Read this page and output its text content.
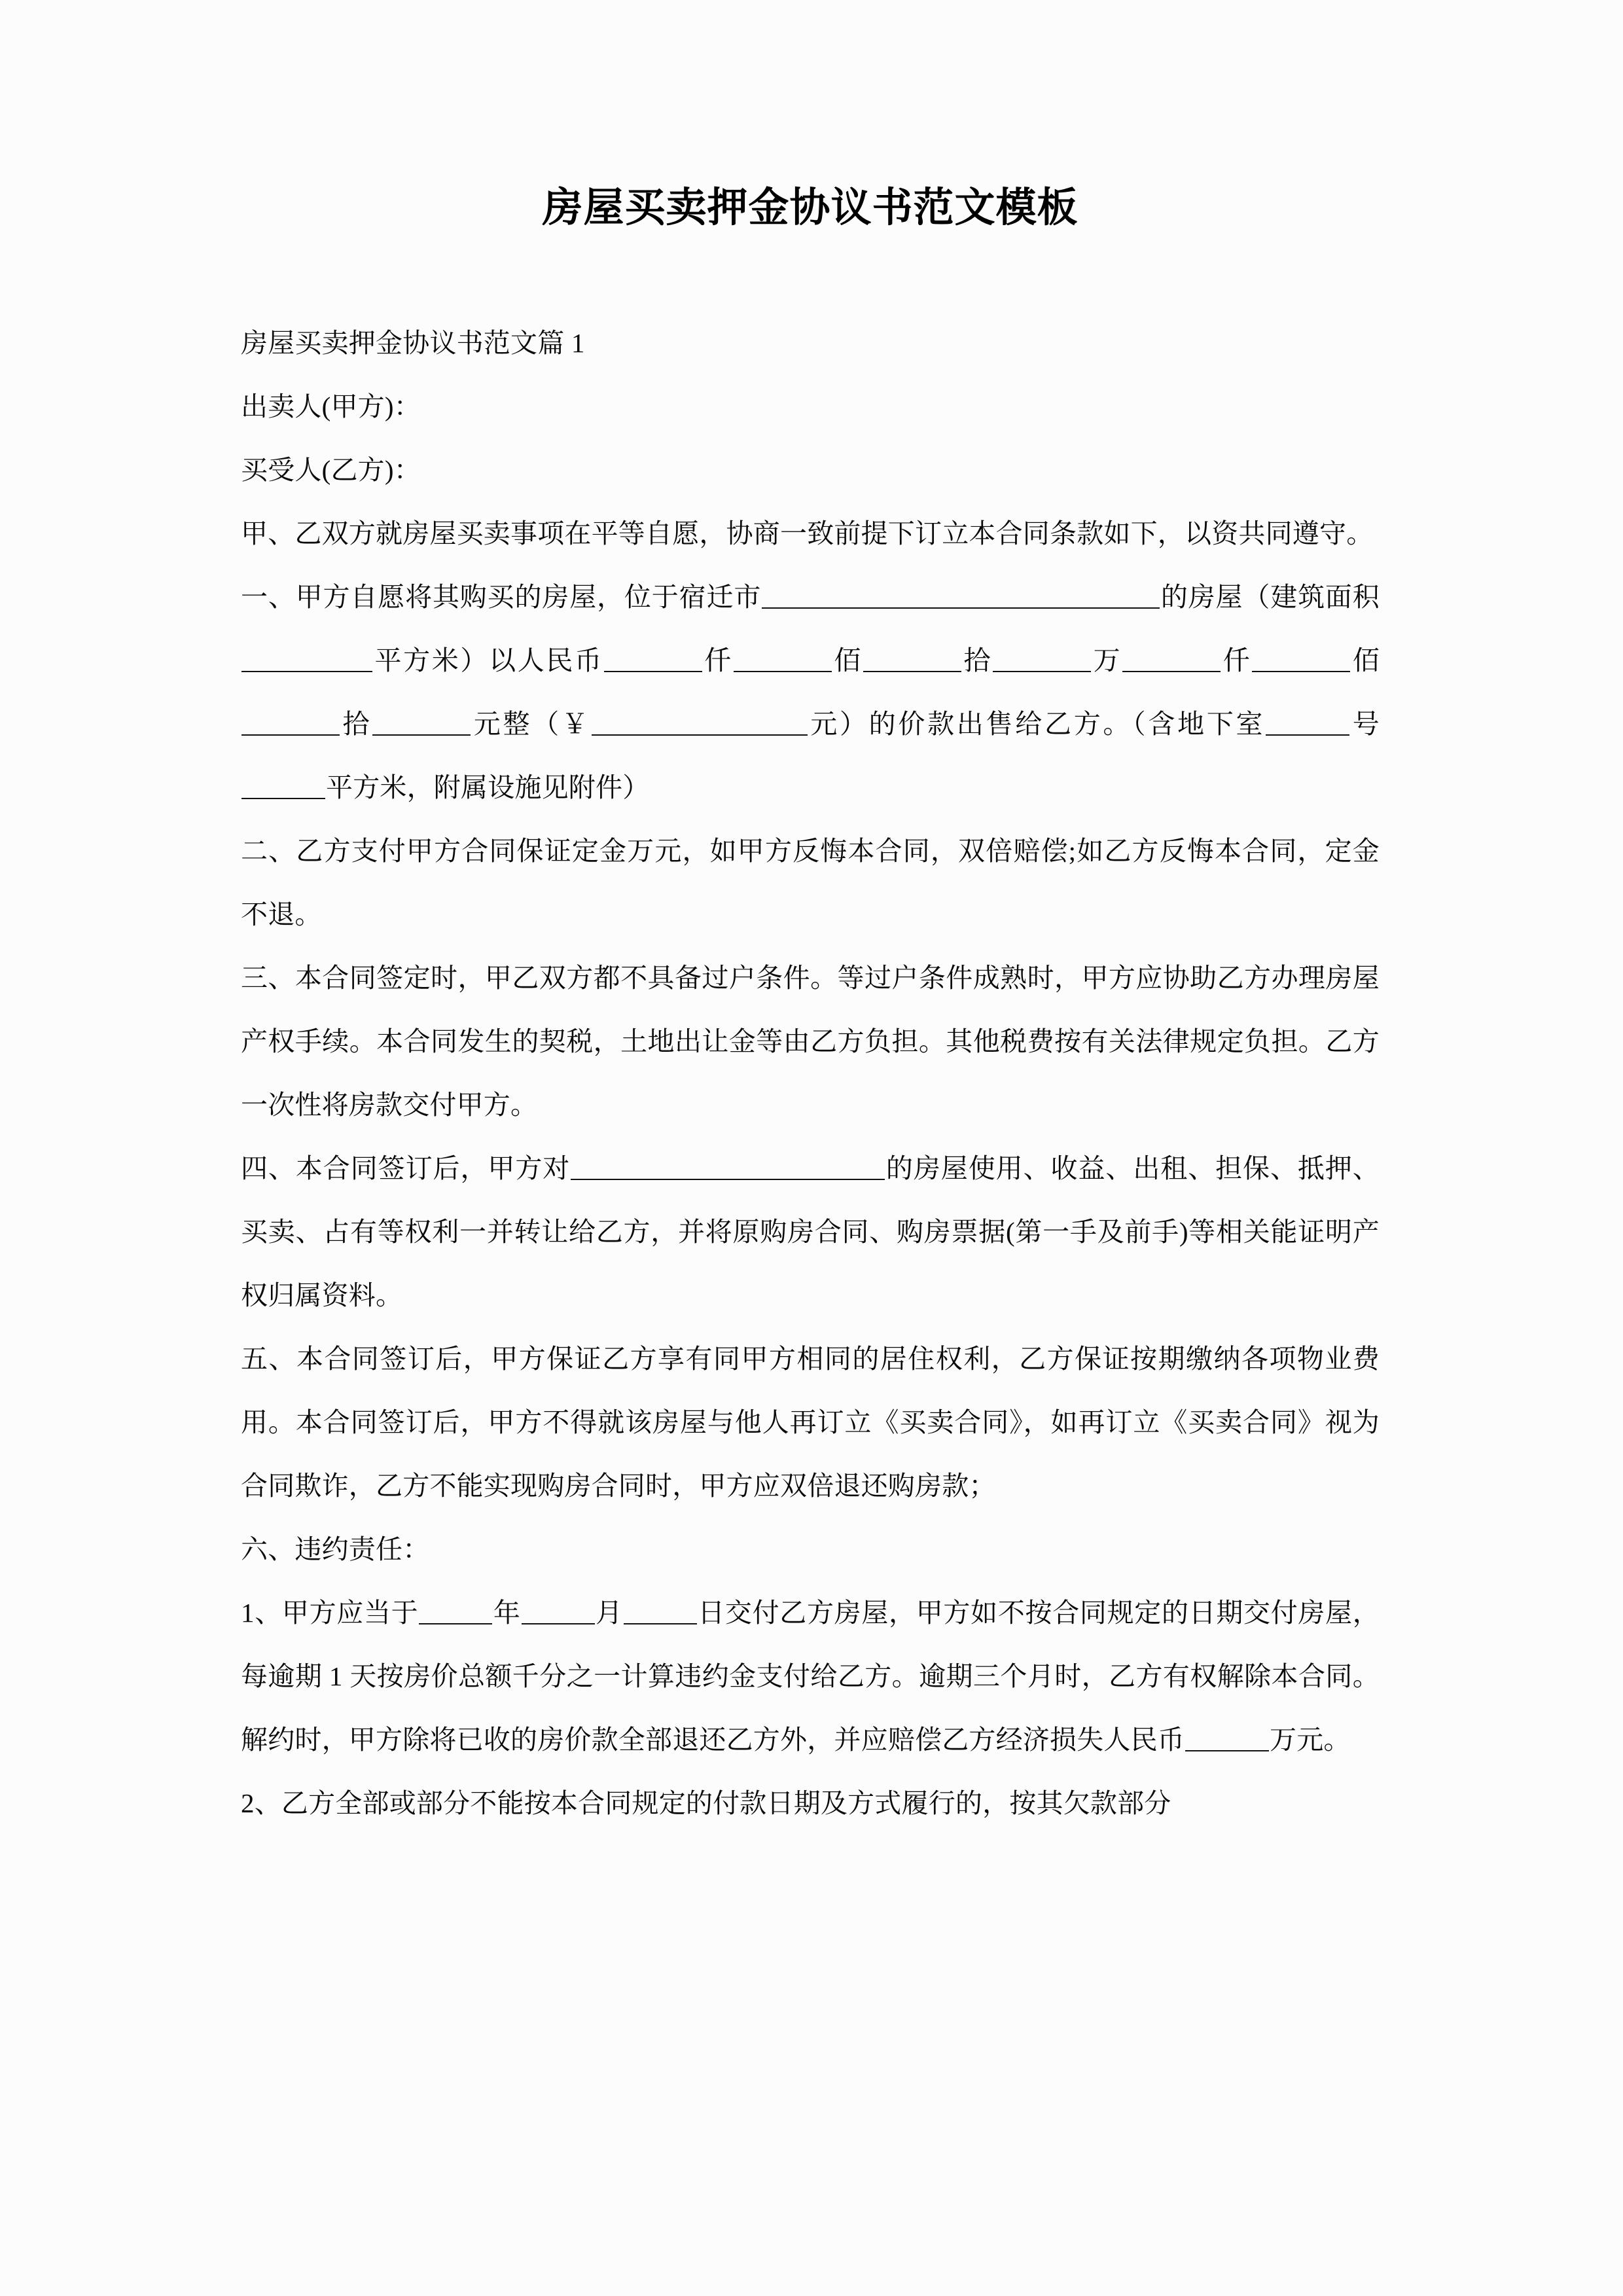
房屋买卖押金协议书范文模板

房屋买卖押金协议书范文篇 1

出卖人(甲方)：

买受人(乙方)：

甲、乙双方就房屋买卖事项在平等自愿，协商一致前提下订立本合同条款如下，以资共同遵守。

一、甲方自愿将其购买的房屋，位于宿迁市	的房屋（建筑面积平方米）以人民币	仟	佰	拾	万	仟	佰拾	元整（￥	元）的价款出售给乙方。（含地下室	号平方米，附属设施见附件）

二、乙方支付甲方合同保证定金万元，如甲方反悔本合同，双倍赔偿;如乙方反悔本合同，定金不退。

三、本合同签定时，甲乙双方都不具备过户条件。等过户条件成熟时，甲方应协助乙方办理房屋产权手续。本合同发生的契税，土地出让金等由乙方负担。其他税费按有关法律规定负担。乙方一次性将房款交付甲方。

四、本合同签订后，甲方对	的房屋使用、收益、出租、担保、抵押、买卖、占有等权利一并转让给乙方，并将原购房合同、购房票据(第一手及前手)等相关能证明产权归属资料。

五、本合同签订后，甲方保证乙方享有同甲方相同的居住权利，乙方保证按期缴纳各项物业费用。本合同签订后，甲方不得就该房屋与他人再订立《买卖合同》，如再订立《买卖合同》视为合同欺诈，乙方不能实现购房合同时，甲方应双倍退还购房款；

六、违约责任：

1、甲方应当于	年	月	日交付乙方房屋，甲方如不按合同规定的日期交付房屋，每逾期 1 天按房价总额千分之一计算违约金支付给乙方。逾期三个月时，乙方有权解除本合同。解约时，甲方除将已收的房价款全部退还乙方外，并应赔偿乙方经济损失人民币	万元。

2、乙方全部或部分不能按本合同规定的付款日期及方式履行的，按其欠款部分
